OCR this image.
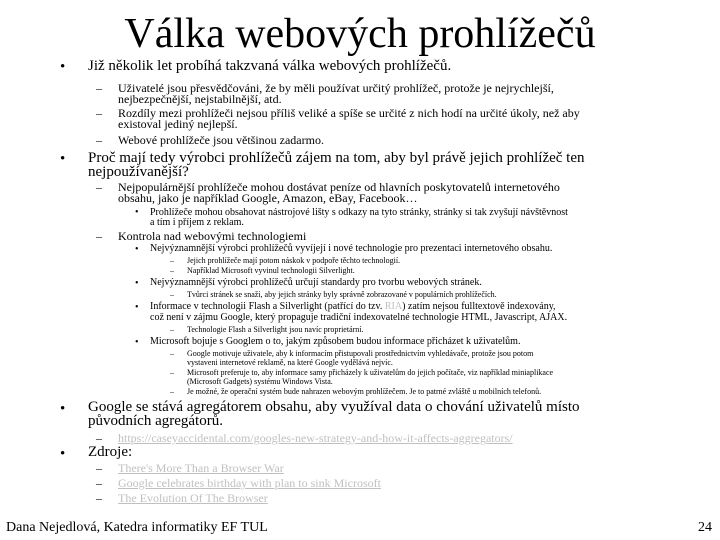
Válka webových prohlížečů
• Již několik let probíhá takzvaná válka webových prohlížečů.
– Uživatelé jsou přesvědčováni, že by měli používat určitý prohlížeč, protože je nejrychlejší,
nejbezpečnější, nejstabilnější, atd.
– Rozdíly mezi prohlížeči nejsou příliš veliké a spíše se určité z nich hodí na určité úkoly, než aby
existoval jediný nejlepší.
– Webové prohlížeče jsou většinou zadarmo.
• Proč mají tedy výrobci prohlížečů zájem na tom, aby byl právě jejich prohlížeč ten
nejpoužívanější?
– Nejpopulárnější prohlížeče mohou dostávat peníze od hlavních poskytovatelů internetového
obsahu, jako je například Google, Amazon, eBay, Facebook…
• Prohlížeče mohou obsahovat nástrojové lišty s odkazy na tyto stránky, stránky si tak zvyšují návštěvnost
a tím i příjem z reklam.
– Kontrola nad webovými technologiemi
• Nejvýznamnější výrobci prohlížečů vyvíjejí i nové technologie pro prezentaci internetového obsahu.
– Jejich prohlížeče mají potom náskok v podpoře těchto technologií.
– Například Microsoft vyvinul technologii Silverlight.
• Nejvýznamnější výrobci prohlížečů určují standardy pro tvorbu webových stránek.
– Tvůrci stránek se snaží, aby jejich stránky byly správně zobrazované v populárních prohlížečích.
• Informace v technologii Flash a Silverlight (patřící do tzv. RIA) zatím nejsou fulltextově indexovány,
což není v zájmu Google, který propaguje tradiční indexovatelné technologie HTML, Javascript, AJAX.
– Technologie Flash a Silverlight jsou navíc proprietární.
• Microsoft bojuje s Googlem o to, jakým způsobem budou informace přicházet k uživatelům.
– Google motivuje uživatele, aby k informacím přistupovali prostřednictvím vyhledávače, protože jsou potom
vystaveni internetové reklamě, na které Google vydělává nejvíc.
– Microsoft preferuje to, aby informace samy přicházely k uživatelům do jejich počítače, viz například miniaplikace
(Microsoft Gadgets) systému Windows Vista.
– Je možné, že operační systém bude nahrazen webovým prohlížečem. Je to patrné zvláště u mobilních telefonů.
• Google se stává agregátorem obsahu, aby využíval data o chování uživatelů místo
původních agregátorů.
– https://caseyaccidental.com/googles-new-strategy-and-how-it-affects-aggregators/
• Zdroje:
– There's More Than a Browser War
– Google celebrates birthday with plan to sink Microsoft
– The Evolution Of The Browser
Dana Nejedlová, Katedra informatiky EF TUL	24
